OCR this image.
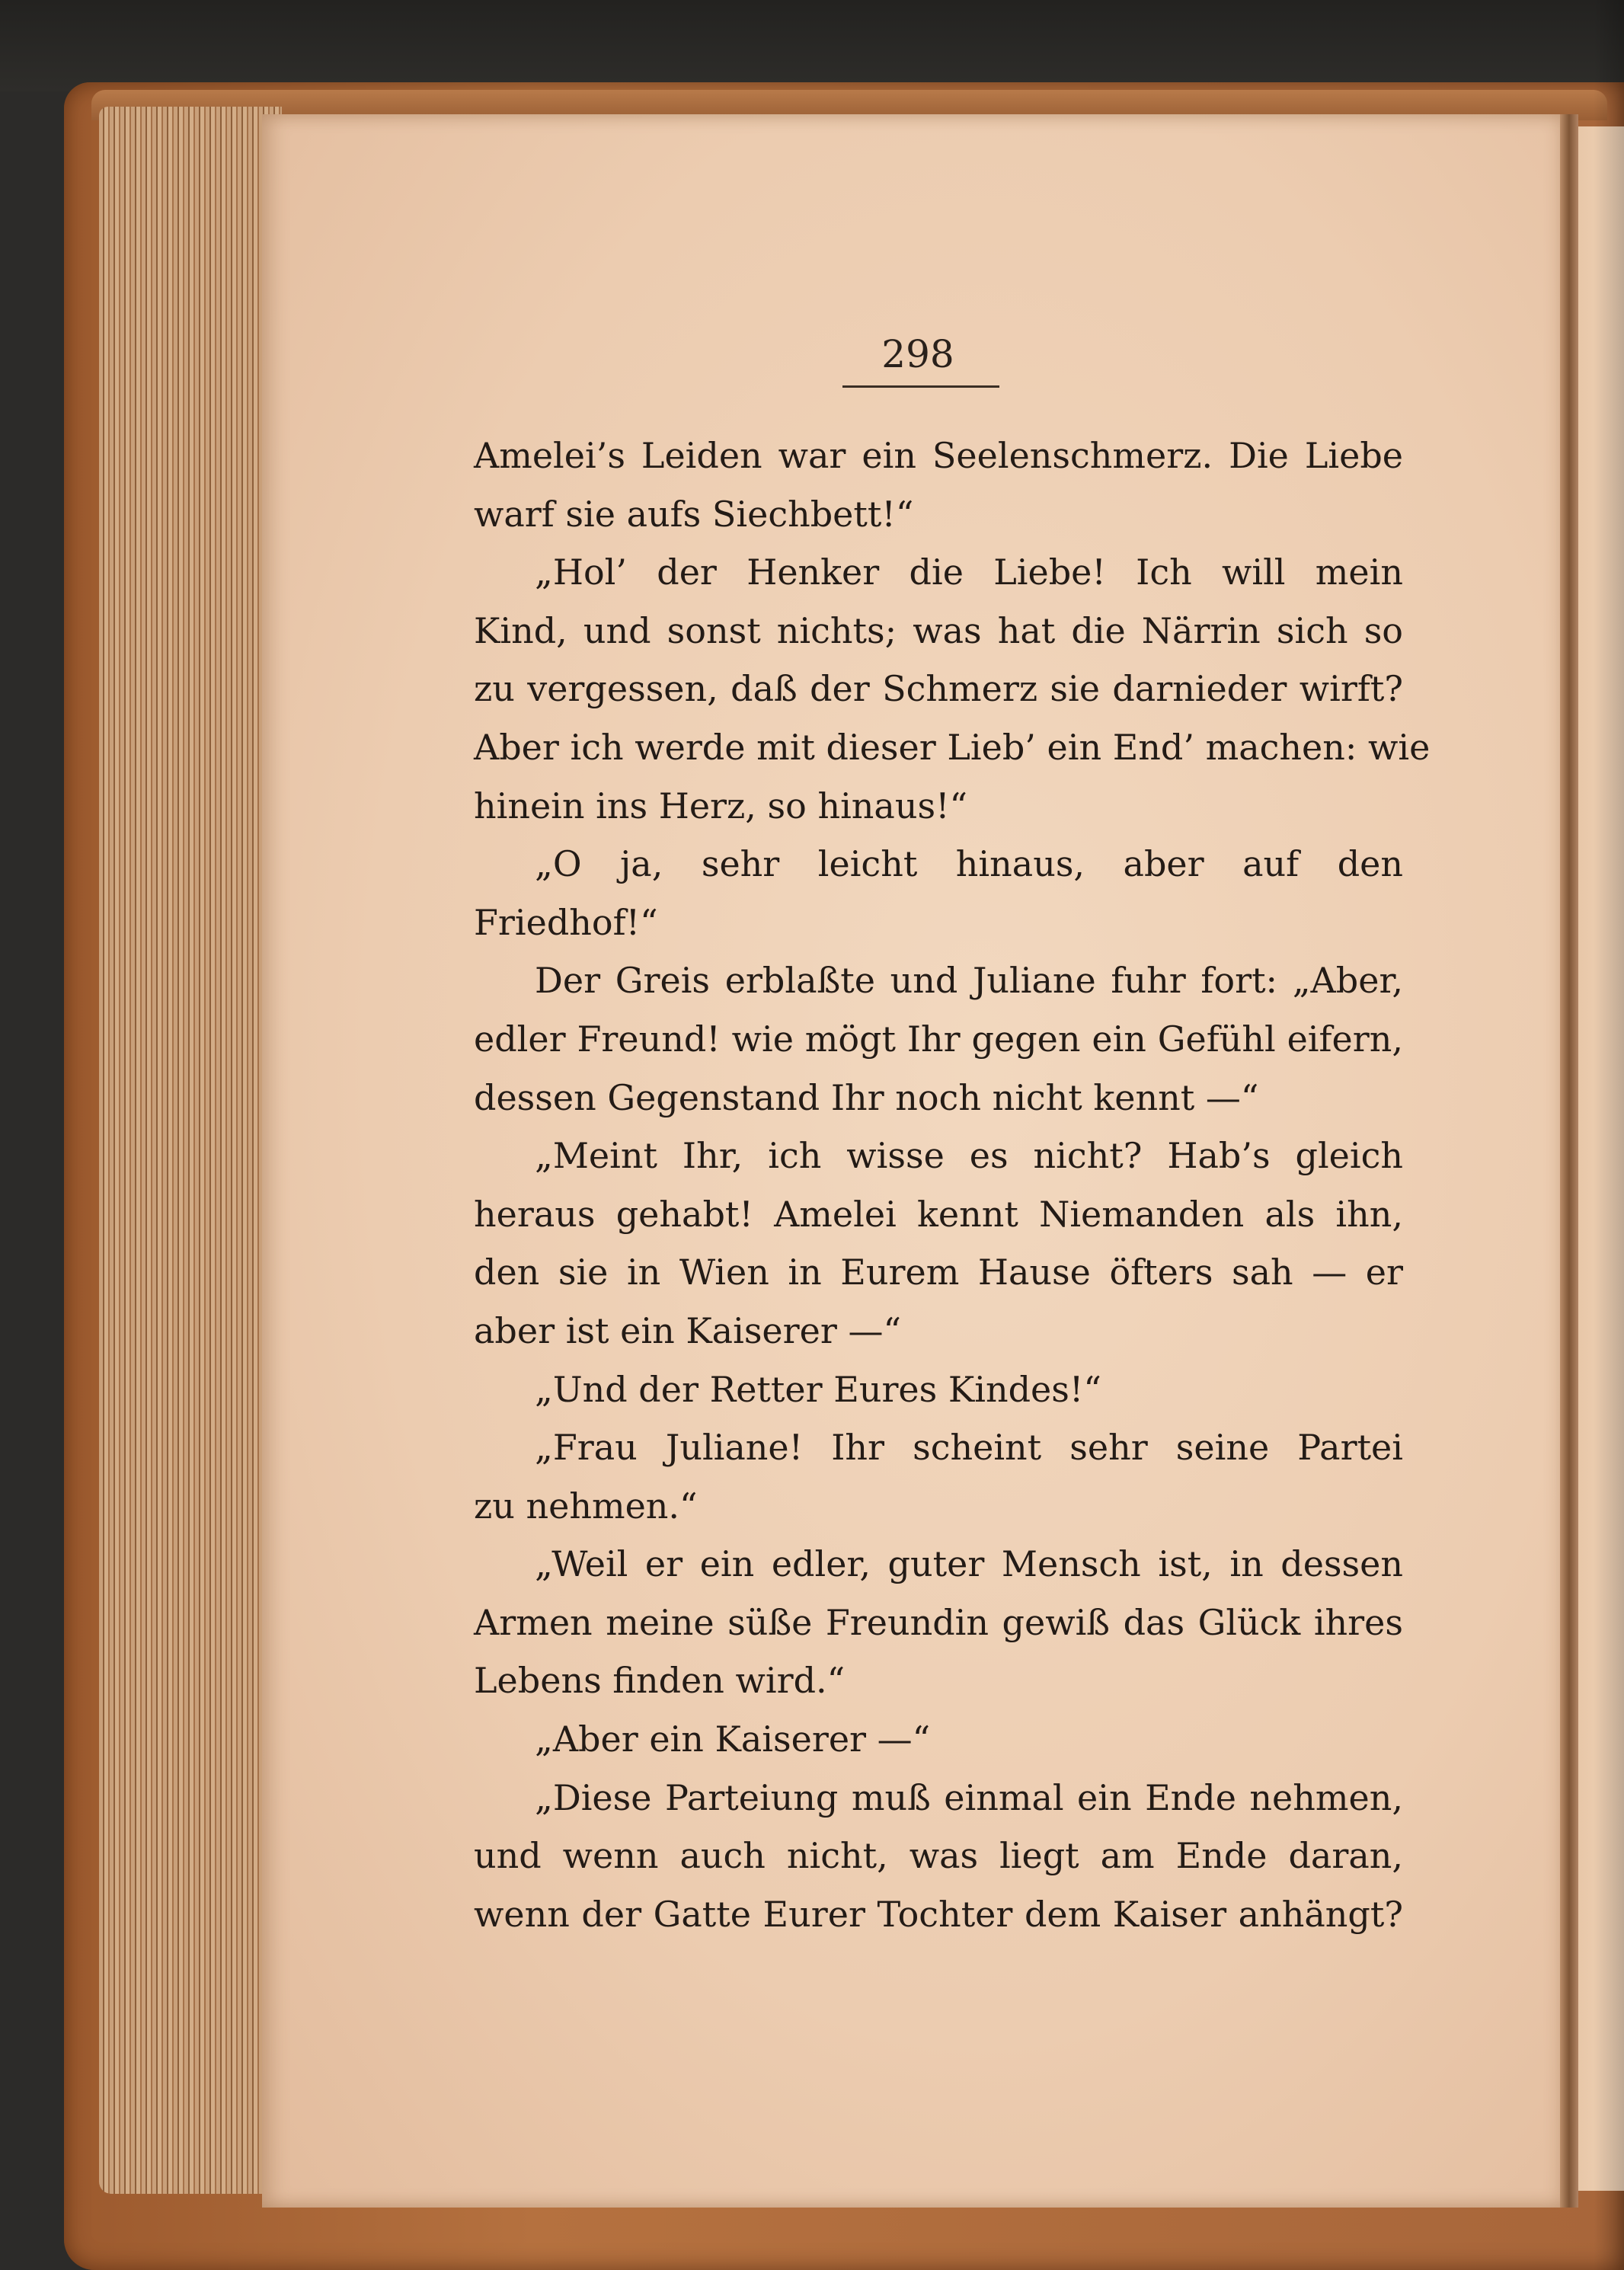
298
Amelei’s Leiden war ein Seelenschmerz. Die Liebe
warf sie aufs Siechbett!“
„Hol’ der Henker die Liebe! Ich will mein
Kind, und sonst nichts; was hat die Närrin sich so
zu vergessen, daß der Schmerz sie darnieder wirft?
Aber ich werde mit dieser Lieb’ ein End’ machen: wie
hinein ins Herz, so hinaus!“
„O ja, sehr leicht hinaus, aber auf den
Friedhof!“
Der Greis erblaßte und Juliane fuhr fort: „Aber,
edler Freund! wie mögt Ihr gegen ein Gefühl eifern,
dessen Gegenstand Ihr noch nicht kennt —“
„Meint Ihr, ich wisse es nicht? Hab’s gleich
heraus gehabt! Amelei kennt Niemanden als ihn,
den sie in Wien in Eurem Hause öfters sah — er
aber ist ein Kaiserer —“
„Und der Retter Eures Kindes!“
„Frau Juliane! Ihr scheint sehr seine Partei
zu nehmen.“
„Weil er ein edler, guter Mensch ist, in dessen
Armen meine süße Freundin gewiß das Glück ihres
Lebens finden wird.“
„Aber ein Kaiserer —“
„Diese Parteiung muß einmal ein Ende nehmen,
und wenn auch nicht, was liegt am Ende daran,
wenn der Gatte Eurer Tochter dem Kaiser anhängt?
